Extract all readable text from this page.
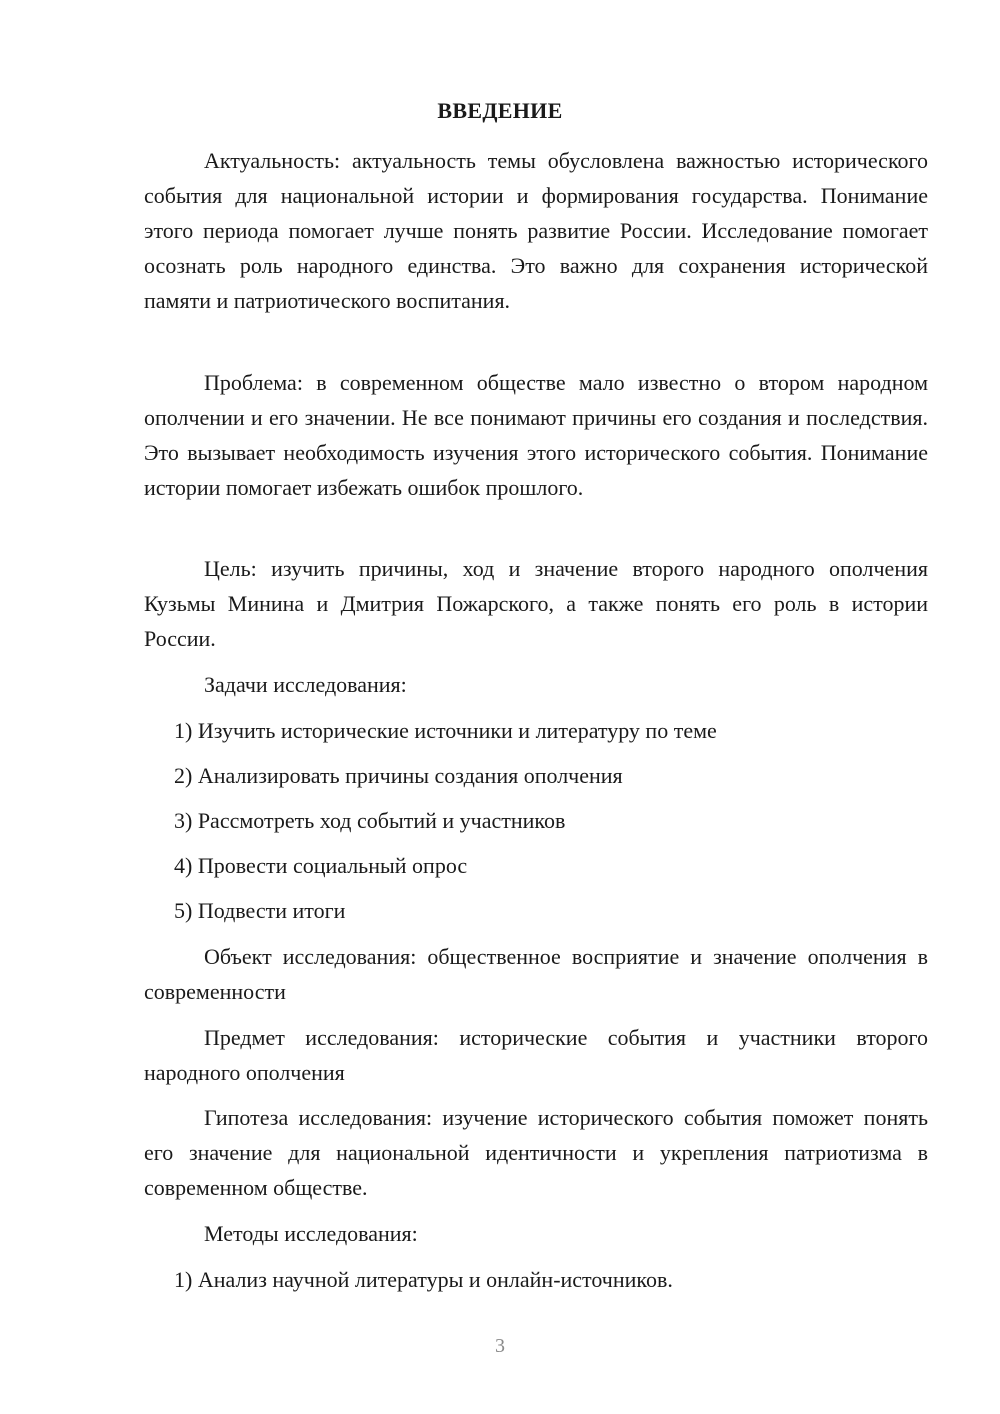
ВВЕДЕНИЕ

Актуальность: актуальность темы обусловлена важностью исторического события для национальной истории и формирования государства. Понимание этого периода помогает лучше понять развитие России. Исследование помогает осознать роль народного единства. Это важно для сохранения исторической памяти и патриотического воспитания.

Проблема: в современном обществе мало известно о втором народном ополчении и его значении. Не все понимают причины его создания и последствия. Это вызывает необходимость изучения этого исторического события. Понимание истории помогает избежать ошибок прошлого.

Цель: изучить причины, ход и значение второго народного ополчения Кузьмы Минина и Дмитрия Пожарского, а также понять его роль в истории России.

Задачи исследования:

1) Изучить исторические источники и литературу по теме

2) Анализировать причины создания ополчения

3) Рассмотреть ход событий и участников

4) Провести социальный опрос

5) Подвести итоги

Объект исследования: общественное восприятие и значение ополчения в современности

Предмет исследования: исторические события и участники второго народного ополчения

Гипотеза исследования: изучение исторического события поможет понять его значение для национальной идентичности и укрепления патриотизма в современном обществе.

Методы исследования:

1) Анализ научной литературы и онлайн-источников.

3
